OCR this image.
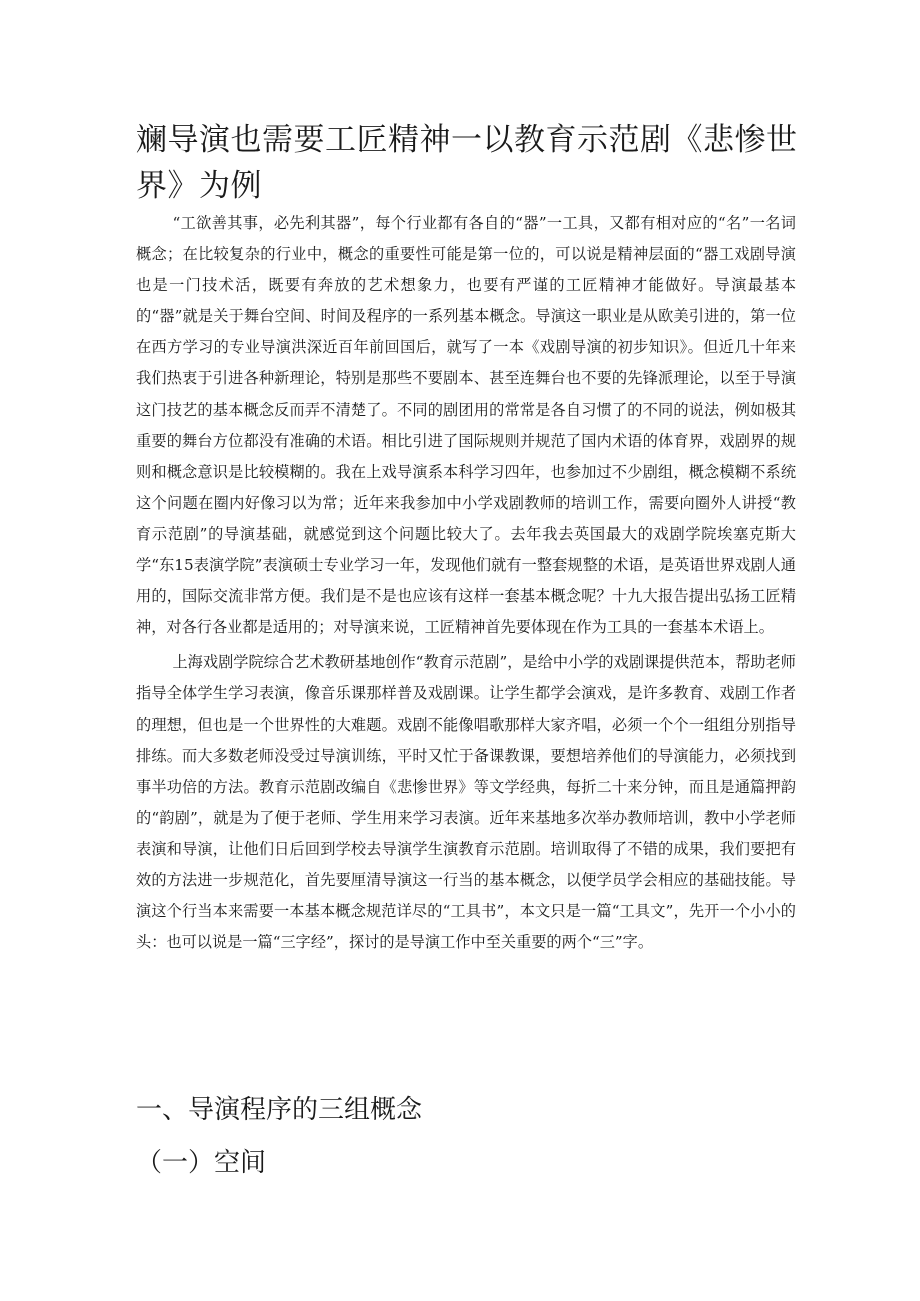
斓导演也需要工匠精神一以教育示范剧《悲惨世界》为例

“工欲善其事，必先利其器”，每个行业都有各自的“器”一工具，又都有相对应的“名”一名词概念；在比较复杂的行业中，概念的重要性可能是第一位的，可以说是精神层面的“器工戏剧导演也是一门技术活，既要有奔放的艺术想象力，也要有严谨的工匠精神才能做好。导演最基本的“器”就是关于舞台空间、时间及程序的一系列基本概念。导演这一职业是从欧美引进的，第一位在西方学习的专业导演洪深近百年前回国后，就写了一本《戏剧导演的初步知识》。但近几十年来我们热衷于引进各种新理论，特别是那些不要剧本、甚至连舞台也不要的先锋派理论，以至于导演这门技艺的基本概念反而弄不清楚了。不同的剧团用的常常是各自习惯了的不同的说法，例如极其重要的舞台方位都没有准确的术语。相比引进了国际规则并规范了国内术语的体育界，戏剧界的规则和概念意识是比较模糊的。我在上戏导演系本科学习四年，也参加过不少剧组，概念模糊不系统这个问题在圈内好像习以为常；近年来我参加中小学戏剧教师的培训工作，需要向圈外人讲授“教育示范剧”的导演基础，就感觉到这个问题比较大了。去年我去英国最大的戏剧学院埃塞克斯大学“东15表演学院”表演硕士专业学习一年，发现他们就有一整套规整的术语，是英语世界戏剧人通用的，国际交流非常方便。我们是不是也应该有这样一套基本概念呢？十九大报告提出弘扬工匠精神，对各行各业都是适用的；对导演来说，工匠精神首先要体现在作为工具的一套基本术语上。

上海戏剧学院综合艺术教研基地创作“教育示范剧”，是给中小学的戏剧课提供范本，帮助老师指导全体学生学习表演，像音乐课那样普及戏剧课。让学生都学会演戏，是许多教育、戏剧工作者的理想，但也是一个世界性的大难题。戏剧不能像唱歌那样大家齐唱，必须一个个一组组分别指导排练。而大多数老师没受过导演训练，平时又忙于备课教课，要想培养他们的导演能力，必须找到事半功倍的方法。教育示范剧改编自《悲惨世界》等文学经典，每折二十来分钟，而且是通篇押韵的“韵剧”，就是为了便于老师、学生用来学习表演。近年来基地多次举办教师培训，教中小学老师表演和导演，让他们日后回到学校去导演学生演教育示范剧。培训取得了不错的成果，我们要把有效的方法进一步规范化，首先要厘清导演这一行当的基本概念，以便学员学会相应的基础技能。导演这个行当本来需要一本基本概念规范详尽的“工具书”，本文只是一篇“工具文”，先开一个小小的头：也可以说是一篇“三字经”，探讨的是导演工作中至关重要的两个“三”字。

一、导演程序的三组概念
（一）空间
